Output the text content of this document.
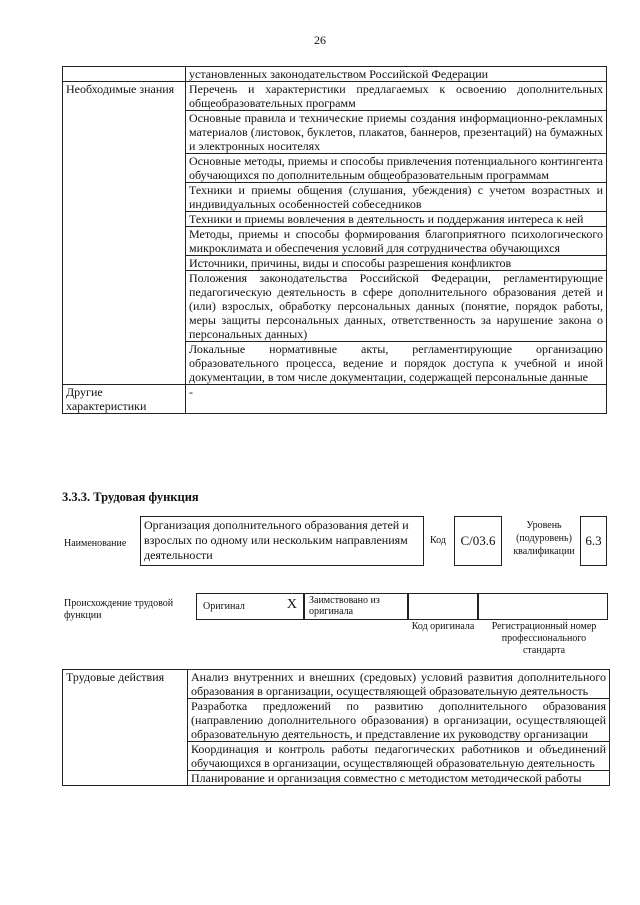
26
	установленных законодательством Российской Федерации
Необходимые знания	Перечень и характеристики предлагаемых к освоению дополнительных общеобразовательных программ
	Основные правила и технические приемы создания информационно-рекламных материалов (листовок, буклетов, плакатов, баннеров, презентаций) на бумажных и электронных носителях
	Основные методы, приемы и способы привлечения потенциального контингента обучающихся по дополнительным общеобразовательным программам
	Техники и приемы общения (слушания, убеждения) с учетом возрастных и индивидуальных особенностей собеседников
	Техники и приемы вовлечения в деятельность и поддержания интереса к ней
	Методы, приемы и способы формирования благоприятного психологического микроклимата и обеспечения условий для сотрудничества обучающихся
	Источники, причины, виды и способы разрешения конфликтов
	Положения законодательства Российской Федерации, регламентирующие педагогическую деятельность в сфере дополнительного образования детей и (или) взрослых, обработку персональных данных (понятие, порядок работы, меры защиты персональных данных, ответственность за нарушение закона о персональных данных)
	Локальные нормативные акты, регламентирующие организацию образовательного процесса, ведение и порядок доступа к учебной и иной документации, в том числе документации, содержащей персональные данные
Другие характеристики	-
3.3.3. Трудовая функция
Наименование
Организация дополнительного образования детей и взрослых по одному или нескольким направлениям деятельности
Код	C/03.6
Уровень (подуровень) квалификации
6.3
Происхождение трудовой функции
Оригинал	X	Заимствовано из оригинала
Код оригинала	Регистрационный номер профессионального стандарта
Трудовые действия	Анализ внутренних и внешних (средовых) условий развития дополнительного образования в организации, осуществляющей образовательную деятельность
Разработка предложений по развитию дополнительного образования (направлению дополнительного образования) в организации, осуществляющей образовательную деятельность, и представление их руководству организации
Координация и контроль работы педагогических работников и объединений обучающихся в организации, осуществляющей образовательную деятельность
Планирование и организация совместно с методистом методической работы
